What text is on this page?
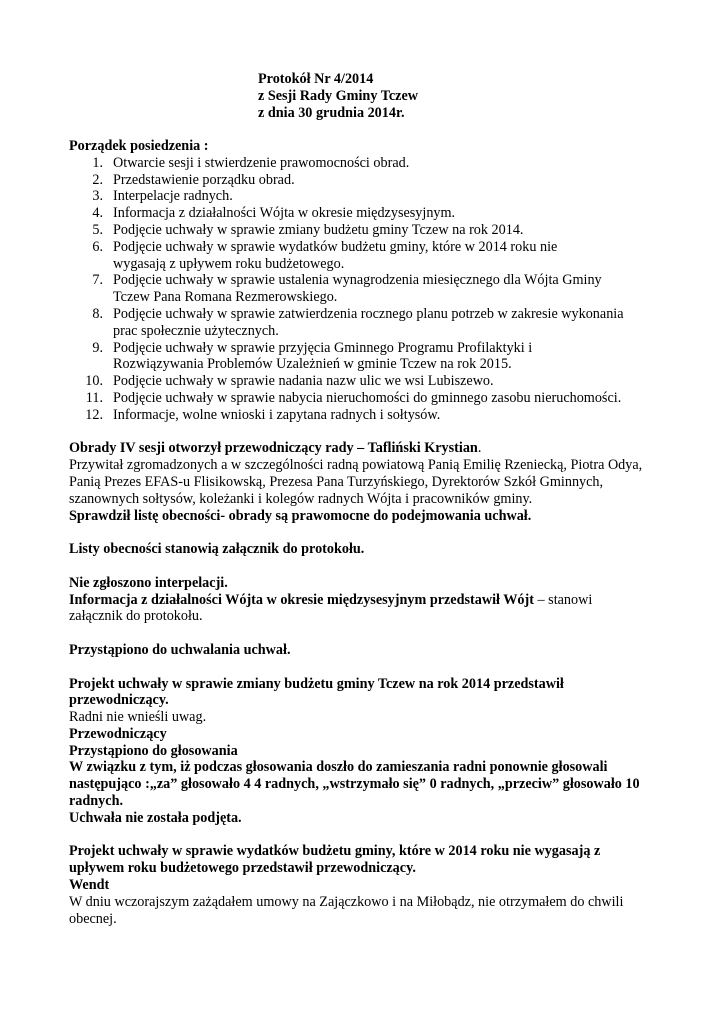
Protokół Nr 4/2014
z Sesji Rady Gminy Tczew
z dnia 30 grudnia 2014r.

Porządek posiedzenia :

1. Otwarcie sesji i stwierdzenie prawomocności obrad.
2. Przedstawienie porządku obrad.
3. Interpelacje radnych.
4. Informacja z działalności Wójta w okresie międzysesyjnym.
5. Podjęcie uchwały w sprawie zmiany budżetu gminy Tczew na rok 2014.
6. Podjęcie uchwały w sprawie wydatków budżetu gminy, które w 2014 roku nie wygasają z upływem roku budżetowego.
7. Podjęcie uchwały w sprawie ustalenia wynagrodzenia miesięcznego dla Wójta Gminy Tczew Pana Romana Rezmerowskiego.
8. Podjęcie uchwały w sprawie zatwierdzenia rocznego planu potrzeb w zakresie wykonania prac społecznie użytecznych.
9. Podjęcie uchwały w sprawie przyjęcia Gminnego Programu Profilaktyki i Rozwiązywania Problemów Uzależnień w gminie Tczew na rok 2015.
10. Podjęcie uchwały w sprawie nadania nazw ulic we wsi Lubiszewo.
11. Podjęcie uchwały w sprawie nabycia nieruchomości do gminnego zasobu nieruchomości.
12. Informacje, wolne wnioski i zapytana radnych i sołtysów.

Obrady IV sesji otworzył przewodniczący rady – Tafliński Krystian.

Przywitał zgromadzonych a w szczególności radną powiatową Panią Emilię Rzeniecką, Piotra Odya, Panią Prezes EFAS-u Flisikowską, Prezesa Pana Turzyńskiego, Dyrektorów Szkół Gminnych, szanownych sołtysów, koleżanki i kolegów radnych Wójta i pracowników gminy.

Sprawdził listę obecności- obrady są prawomocne do podejmowania uchwał.

Listy obecności stanowią załącznik do protokołu.

Nie zgłoszono interpelacji.

Informacja z działalności Wójta w okresie międzysesyjnym przedstawił Wójt – stanowi załącznik do protokołu.

Przystąpiono do uchwalania uchwał.

Projekt uchwały w sprawie zmiany budżetu gminy Tczew na rok 2014 przedstawił przewodniczący.

Radni nie wnieśli uwag.

Przewodniczący

Przystąpiono do głosowania

W związku z tym, iż podczas głosowania doszło do zamieszania radni ponownie głosowali następująco :„za” głosowało 4 4 radnych, „wstrzymało się” 0 radnych, „przeciw” głosowało 10 radnych.

Uchwała nie została podjęta.

Projekt uchwały w sprawie wydatków budżetu gminy, które w 2014 roku nie wygasają z upływem roku budżetowego przedstawił przewodniczący.

Wendt

W dniu wczorajszym zażądałem umowy na Zajączkowo i na Miłobądz, nie otrzymałem do chwili obecnej.
